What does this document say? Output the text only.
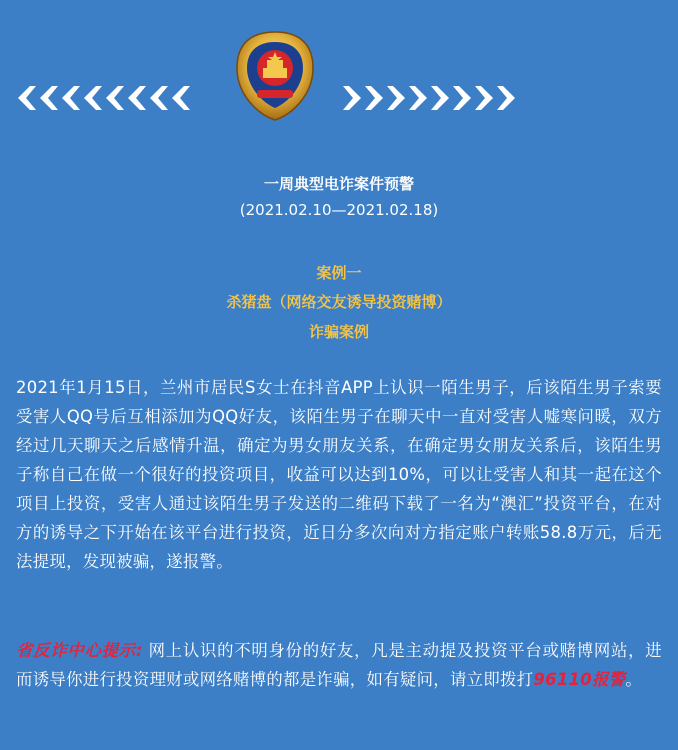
一周典型电诈案件预警
(2021.02.10—2021.02.18)
案例一
杀猪盘（网络交友诱导投资赌博）
诈骗案例
2021年1月15日，兰州市居民S女士在抖音APP上认识一陌生男子，后该陌生男子索要受害人QQ号后互相添加为QQ好友，该陌生男子在聊天中一直对受害人嘘寒问暖，双方经过几天聊天之后感情升温，确定为男女朋友关系，在确定男女朋友关系后，该陌生男子称自己在做一个很好的投资项目，收益可以达到10%，可以让受害人和其一起在这个项目上投资，受害人通过该陌生男子发送的二维码下载了一名为“澳汇”投资平台，在对方的诱导之下开始在该平台进行投资，近日分多次向对方指定账户转账58.8万元，后无法提现，发现被骗，遂报警。
省反诈中心提示: 网上认识的不明身份的好友，凡是主动提及投资平台或赌博网站，进而诱导你进行投资理财或网络赌博的都是诈骗，如有疑问，请立即拨打96110报警。
